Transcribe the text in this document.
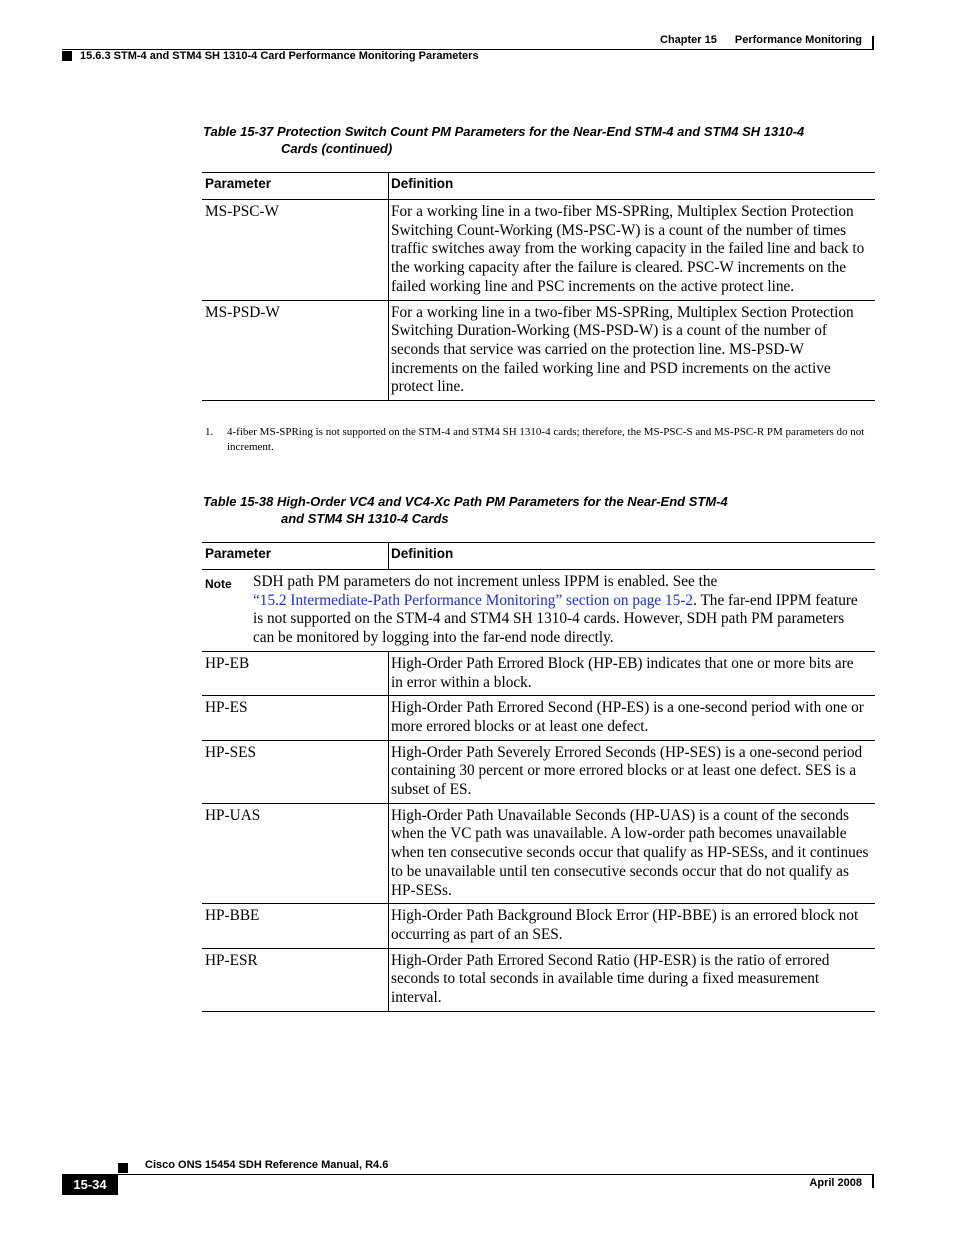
Chapter 15 Performance Monitoring
15.6.3 STM-4 and STM4 SH 1310-4 Card Performance Monitoring Parameters
Table 15-37 Protection Switch Count PM Parameters for the Near-End STM-4 and STM4 SH 1310-4
Cards (continued)
Parameter	Definition
MS-PSC-W	For a working line in a two-fiber MS-SPRing, Multiplex Section Protection Switching Count-Working (MS-PSC-W) is a count of the number of times traffic switches away from the working capacity in the failed line and back to the working capacity after the failure is cleared. PSC-W increments on the failed working line and PSC increments on the active protect line.
MS-PSD-W	For a working line in a two-fiber MS-SPRing, Multiplex Section Protection Switching Duration-Working (MS-PSD-W) is a count of the number of seconds that service was carried on the protection line. MS-PSD-W increments on the failed working line and PSD increments on the active protect line.
1. 4-fiber MS-SPRing is not supported on the STM-4 and STM4 SH 1310-4 cards; therefore, the MS-PSC-S and MS-PSC-R PM parameters do not increment.
Table 15-38 High-Order VC4 and VC4-Xc Path PM Parameters for the Near-End STM-4
and STM4 SH 1310-4 Cards
Parameter	Definition
Note SDH path PM parameters do not increment unless IPPM is enabled. See the
“15.2 Intermediate-Path Performance Monitoring” section on page 15-2. The far-end IPPM feature is not supported on the STM-4 and STM4 SH 1310-4 cards. However, SDH path PM parameters can be monitored by logging into the far-end node directly.	
HP-EB	High-Order Path Errored Block (HP-EB) indicates that one or more bits are in error within a block.
HP-ES	High-Order Path Errored Second (HP-ES) is a one-second period with one or more errored blocks or at least one defect.
HP-SES	High-Order Path Severely Errored Seconds (HP-SES) is a one-second period containing 30 percent or more errored blocks or at least one defect. SES is a subset of ES.
HP-UAS	High-Order Path Unavailable Seconds (HP-UAS) is a count of the seconds when the VC path was unavailable. A low-order path becomes unavailable when ten consecutive seconds occur that qualify as HP-SESs, and it continues to be unavailable until ten consecutive seconds occur that do not qualify as HP-SESs.
HP-BBE	High-Order Path Background Block Error (HP-BBE) is an errored block not occurring as part of an SES.
HP-ESR	High-Order Path Errored Second Ratio (HP-ESR) is the ratio of errored seconds to total seconds in available time during a fixed measurement interval.
Cisco ONS 15454 SDH Reference Manual, R4.6
15-34	April 2008
